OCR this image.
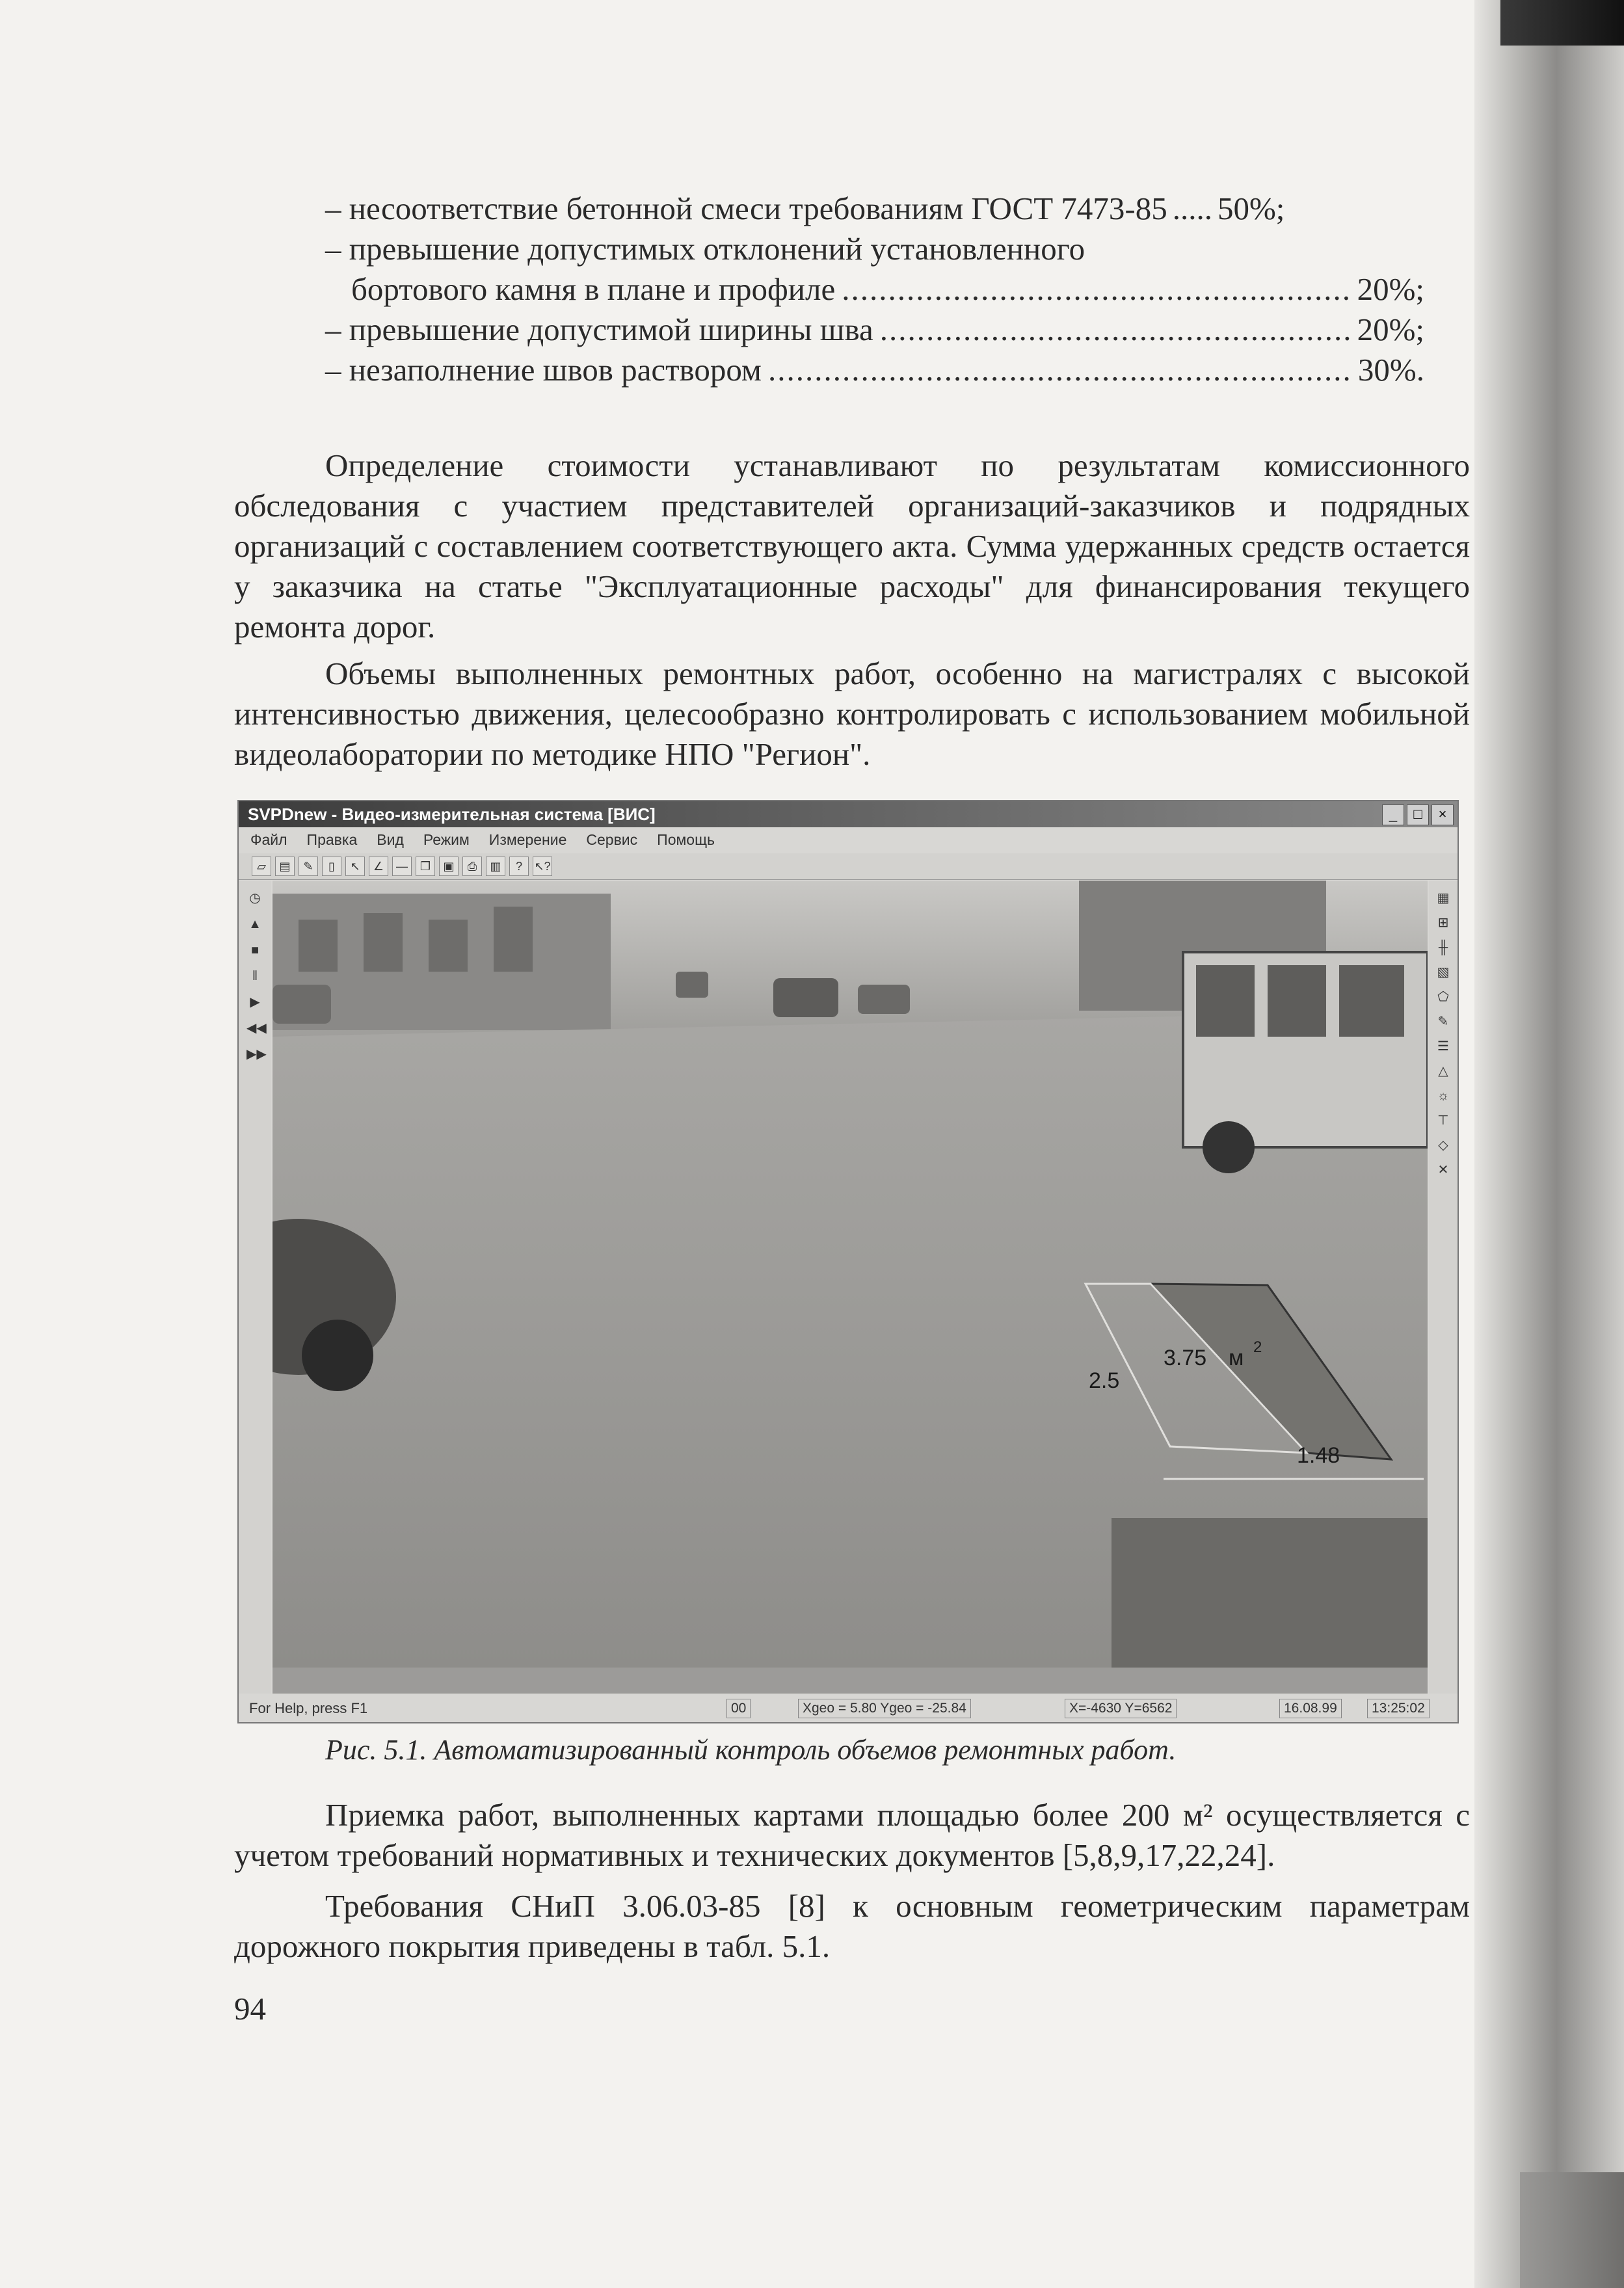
– несоответствие бетонной смеси требованиям ГОСТ 7473-85 ..... 50%;
– превышение допустимых отклонений установленного
бортового камня в плане и профиле .....	20%;
– превышение допустимой ширины шва .....	20%;
– незаполнение швов раствором .....	30%.

Определение стоимости устанавливают по результатам комиссионного обследования с участием представителей организаций-заказчиков и подрядных организаций с составлением соответствующего акта. Сумма удержанных средств остается у заказчика на статье "Эксплуатационные расходы" для финансирования текущего ремонта дорог.

Объемы выполненных ремонтных работ, особенно на магистралях с высокой интенсивностью движения, целесообразно контролировать с использованием мобильной видеолаборатории по методике НПО "Регион".

SVPDnew - Видео-измерительная система [ВИС]	_	□	×
Файл Правка Вид Режим Измерение Сервис Помощь
▱	▤	✎	▯	↖	∠	—	❐	▣	⎙	▥	?	↖?
◷
▲
■
‖
▶
◀◀
▶▶
2.5
3.75 м 2
1.48
▦
⊞
╫
▧
⬠
✎
☰
△
☼
⊤
◇
✕
For Help, press F1	00	Xgeo = 5.80 Ygeo = -25.84	X=-4630 Y=6562	16.08.99	13:25:02
Рис. 5.1. Автоматизированный контроль объемов ремонтных работ.

Приемка работ, выполненных картами площадью более 200 м² осуществляется с учетом требований нормативных и технических документов [5,8,9,17,22,24].

Требования СНиП 3.06.03-85 [8] к основным геометрическим параметрам дорожного покрытия приведены в табл. 5.1.

94
